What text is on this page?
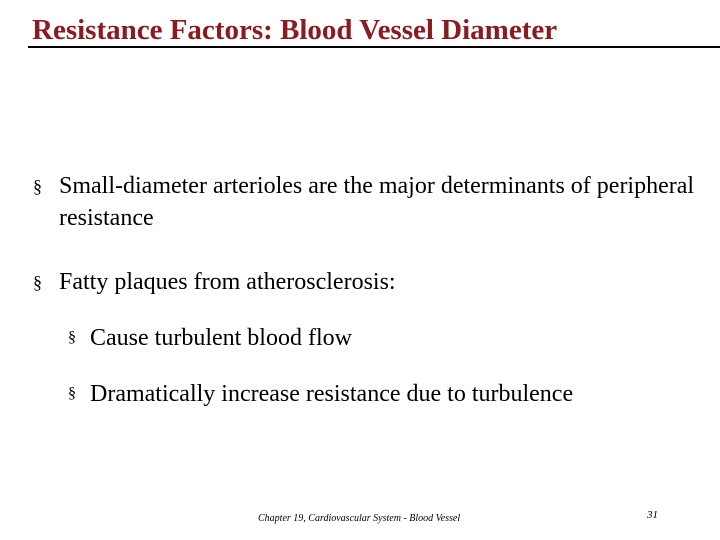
Resistance Factors: Blood Vessel Diameter
§ Small-diameter arterioles are the major determinants of peripheral resistance
§ Fatty plaques from atherosclerosis:
§ Cause turbulent blood flow
§ Dramatically increase resistance due to turbulence
Chapter 19, Cardiovascular System - Blood Vessel	31
